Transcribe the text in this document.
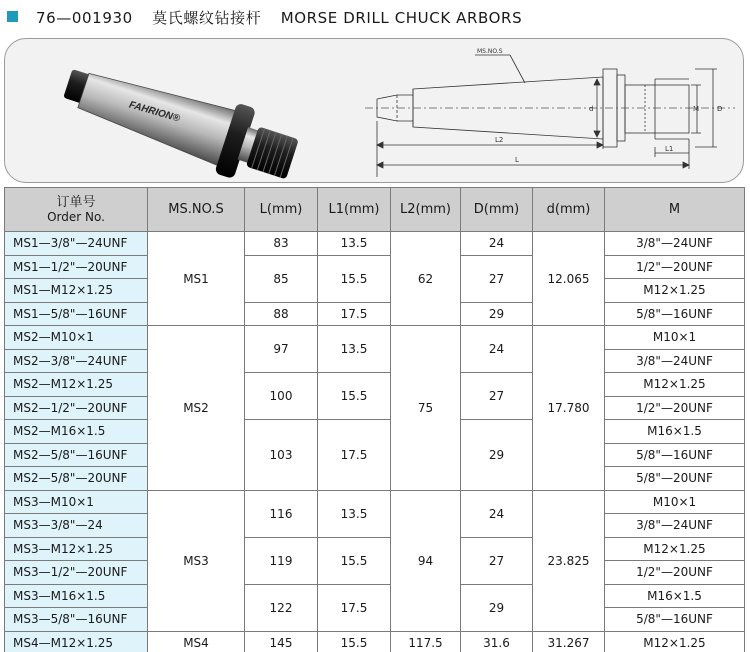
76—001930 莫氏螺纹钻接杆 MORSE DRILL CHUCK ARBORS
FAHRION®
MS.NO.S
d	M	D
L1
L2
L
订单号
Order No.	MS.NO.S	L(mm)	L1(mm)	L2(mm)	D(mm)	d(mm)	M
MS1—3/8"—24UNF	MS1	83	13.5	62	24	12.065	3/8"—24UNF
MS1—1/2"—20UNF		85	15.5		27		1/2"—20UNF
MS1—M12×1.25							M12×1.25
MS1—5/8"—16UNF		88	17.5		29		5/8"—16UNF
MS2—M10×1	MS2	97	13.5	75	24	17.780	M10×1
MS2—3/8"—24UNF							3/8"—24UNF
MS2—M12×1.25		100	15.5		27		M12×1.25
MS2—1/2"—20UNF							1/2"—20UNF
MS2—M16×1.5		103	17.5		29		M16×1.5
MS2—5/8"—16UNF							5/8"—16UNF
MS2—5/8"—20UNF							5/8"—20UNF
MS3—M10×1	MS3	116	13.5	94	24	23.825	M10×1
MS3—3/8"—24							3/8"—24UNF
MS3—M12×1.25		119	15.5		27		M12×1.25
MS3—1/2"—20UNF							1/2"—20UNF
MS3—M16×1.5		122	17.5		29		M16×1.5
MS3—5/8"—16UNF							5/8"—16UNF
MS4—M12×1.25	MS4	145	15.5	117.5	31.6	31.267	M12×1.25
